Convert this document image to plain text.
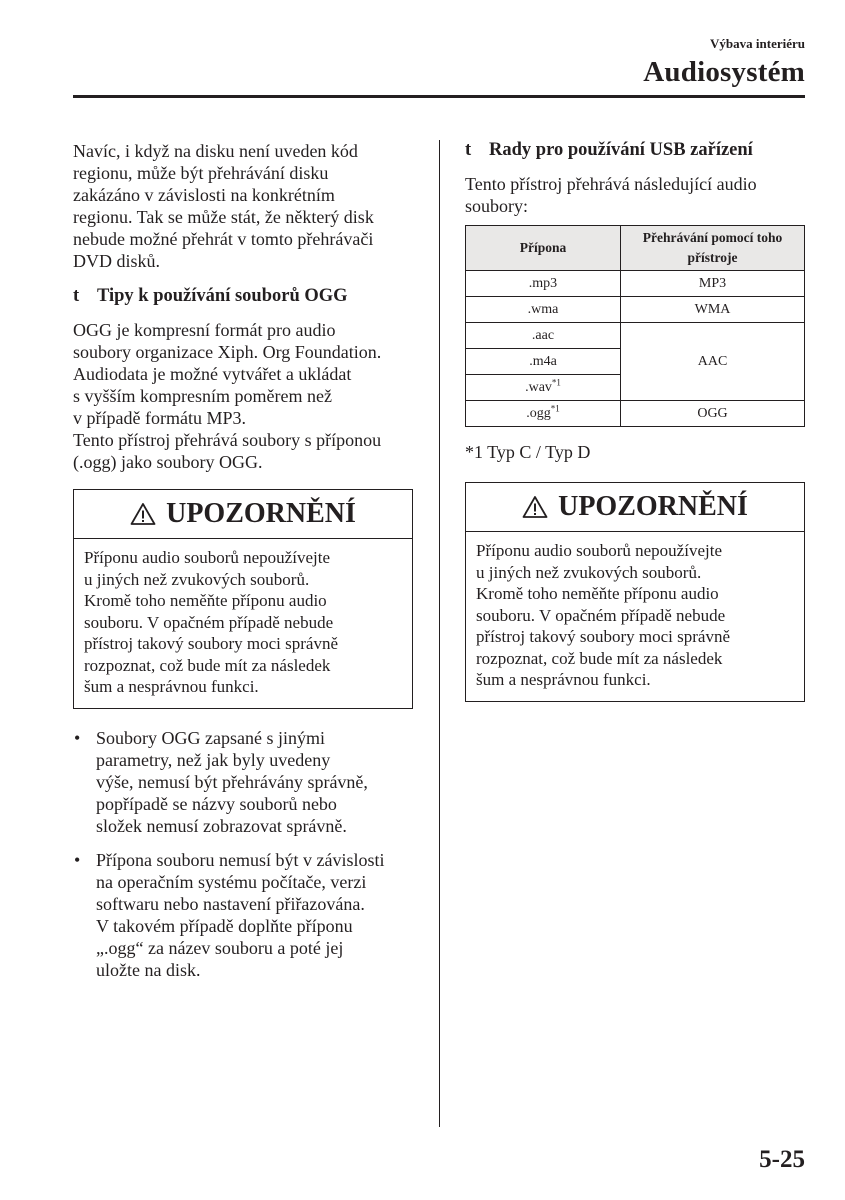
Výbava interiéru
Audiosystém

Navíc, i když na disku není uveden kód

regionu, může být přehrávání disku

zakázáno v závislosti na konkrétním

regionu. Tak se může stát, že některý disk

nebude možné přehrát v tomto přehrávači

DVD disků.

t Tipy k používání souborů OGG

OGG je kompresní formát pro audio

soubory organizace Xiph. Org Foundation.

Audiodata je možné vytvářet a ukládat

s vyšším kompresním poměrem než

v případě formátu MP3.

Tento přístroj přehrává soubory s příponou

(.ogg) jako soubory OGG.

UPOZORNĚNÍ

Příponu audio souborů nepoužívejte

u jiných než zvukových souborů.

Kromě toho neměňte příponu audio

souboru. V opačném případě nebude

přístroj takový soubory moci správně

rozpoznat, což bude mít za následek

šum a nesprávnou funkci.

• Soubory OGG zapsané s jinými

parametry, než jak byly uvedeny

výše, nemusí být přehrávány správně,

popřípadě se názvy souborů nebo

složek nemusí zobrazovat správně.

• Přípona souboru nemusí být v závislosti

na operačním systému počítače, verzi

softwaru nebo nastavení přiřazována.

V takovém případě doplňte příponu

„.ogg“ za název souboru a poté jej

uložte na disk.

t Rady pro používání USB zařízení

Tento přístroj přehrává následující audio

soubory:

Přípona	Přehrávání pomocí toho
přístroje
.mp3	MP3
.wma	WMA
.aac	AAC
.m4a	
.wav$^{*1}$
.ogg$^{*1}$	OGG

*1 Typ C / Typ D

UPOZORNĚNÍ

Příponu audio souborů nepoužívejte

u jiných než zvukových souborů.

Kromě toho neměňte příponu audio

souboru. V opačném případě nebude

přístroj takový soubory moci správně

rozpoznat, což bude mít za následek

šum a nesprávnou funkci.

5-25
